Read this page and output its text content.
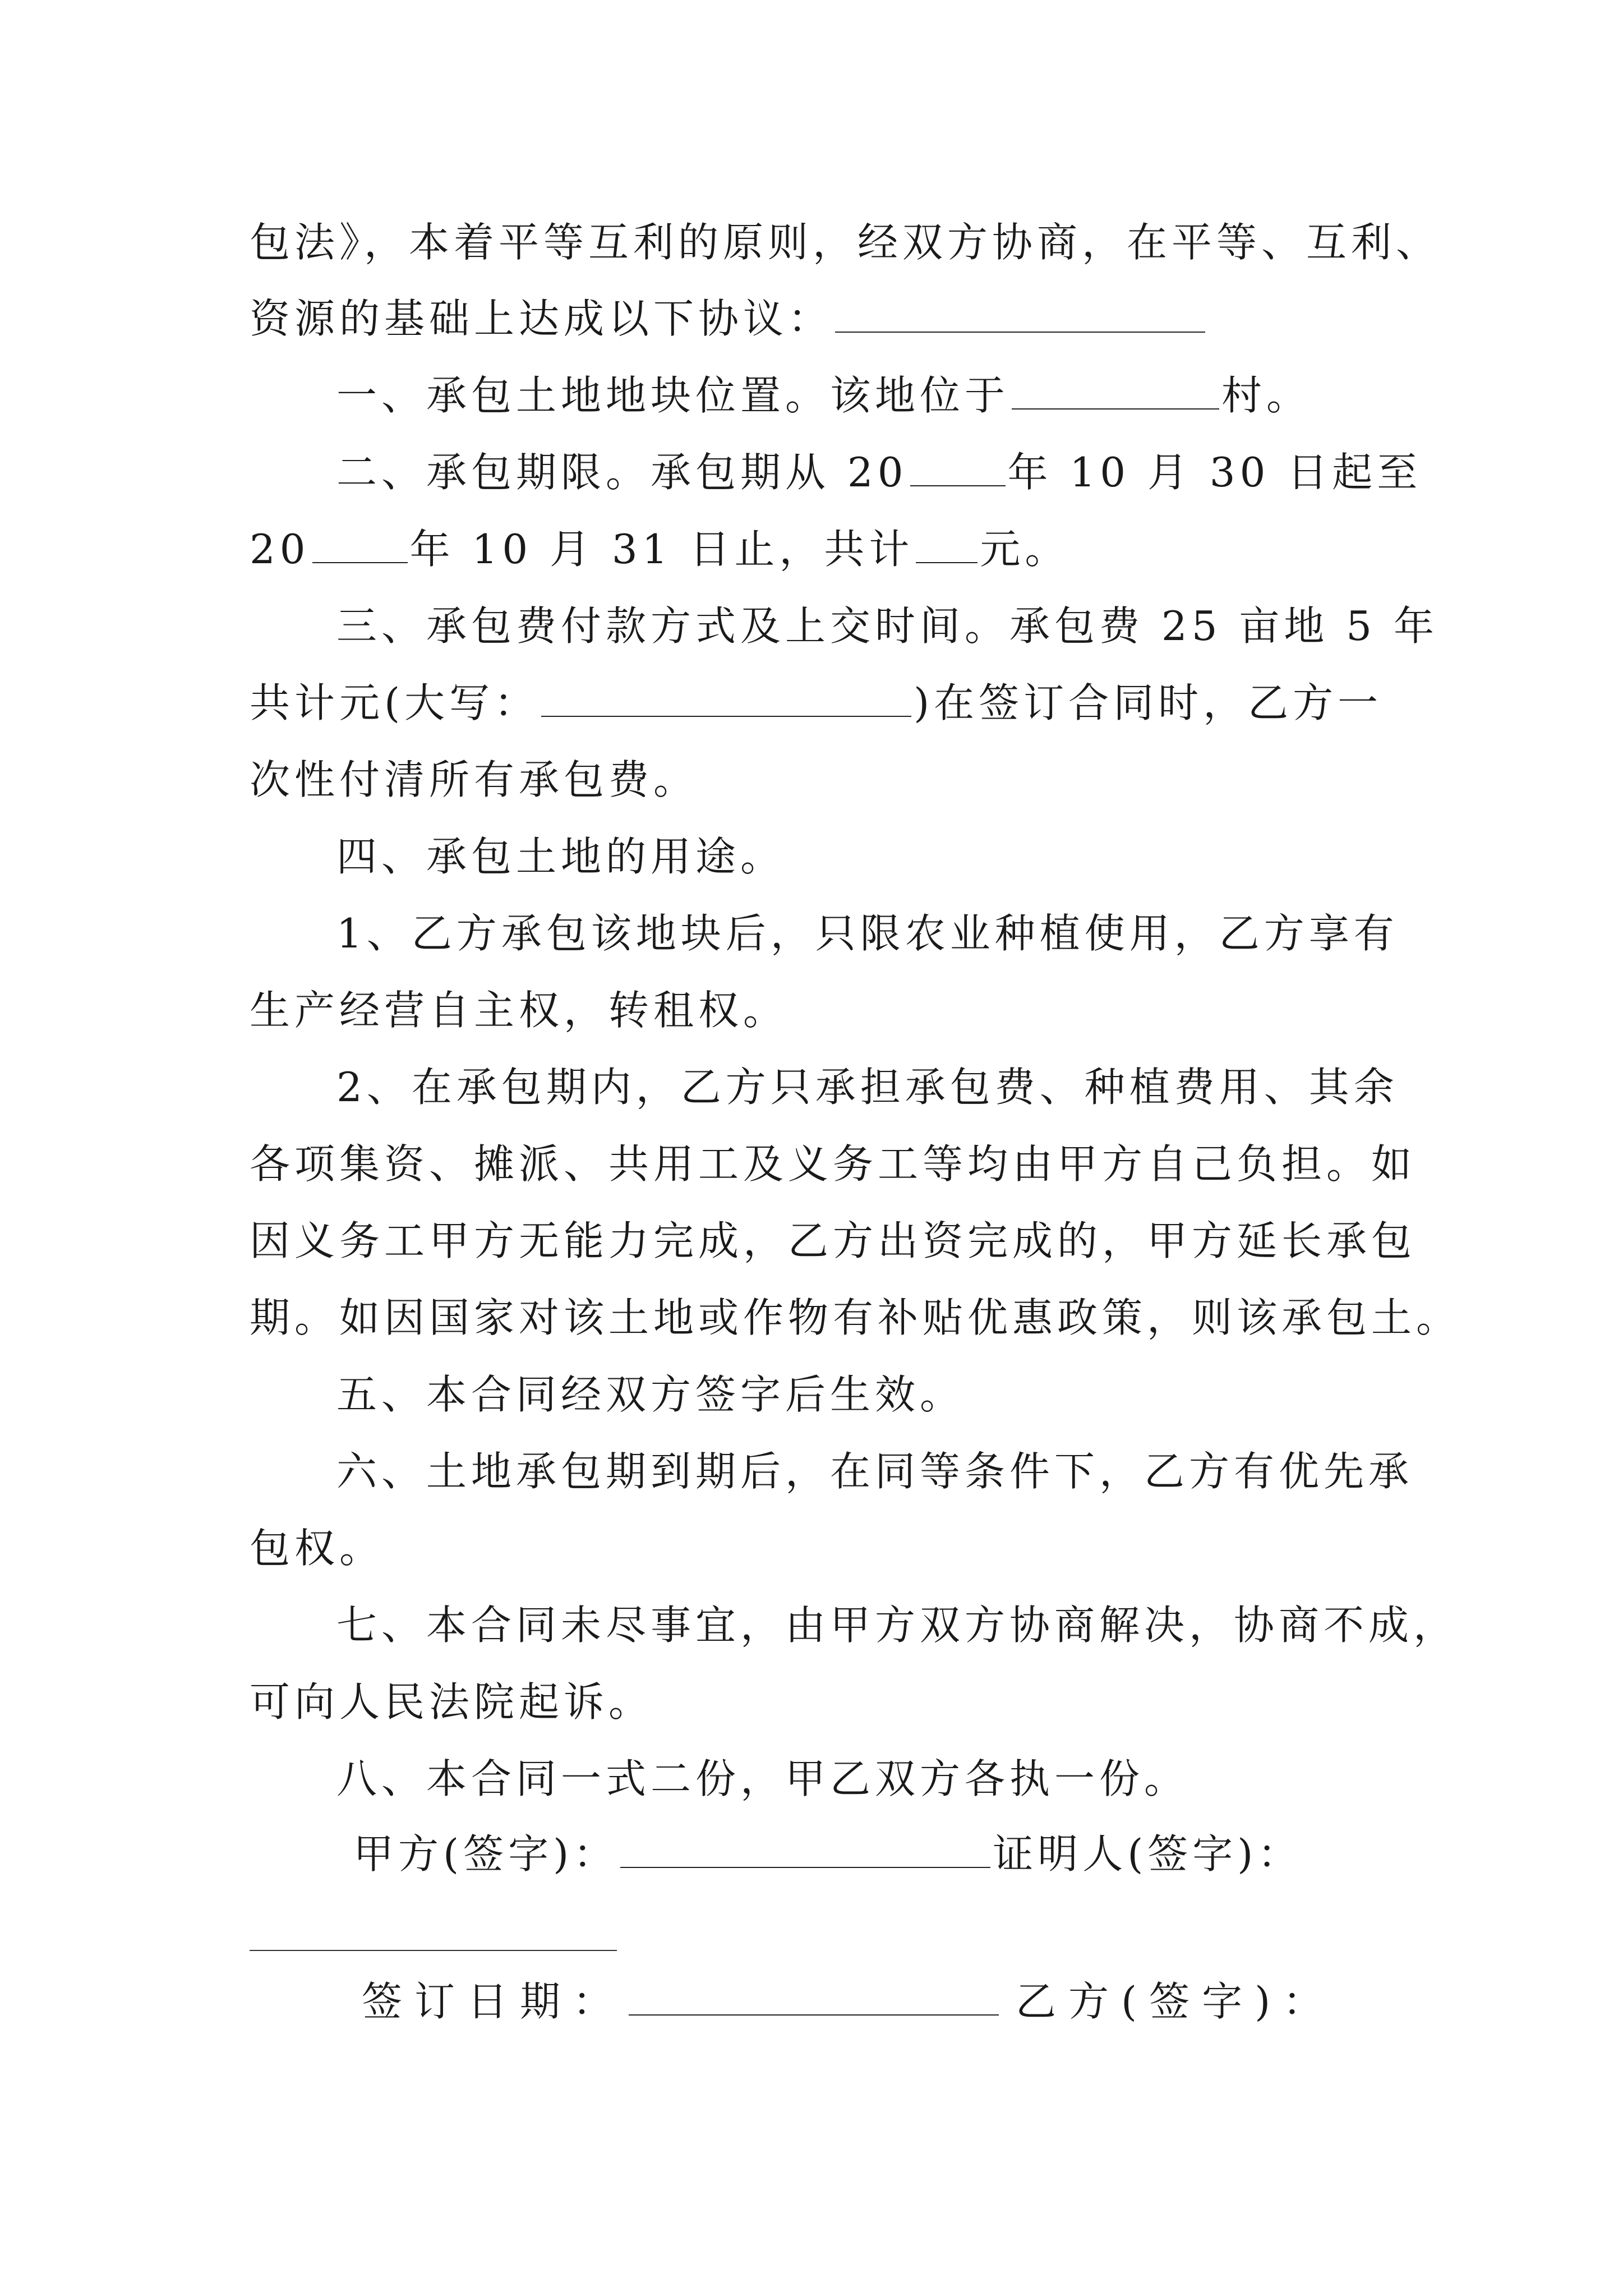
包法》，本着平等互利的原则，经双方协商，在平等、互利、
资源的基础上达成以下协议：
一、承包土地地块位置。该地位于	村。
二、承包期限。承包期从 20 年 10 月 30 日起至
20 年 10 月 31 日止，共计 元。
三、承包费付款方式及上交时间。承包费 25 亩地 5 年
共计元(大写：	)在签订合同时，乙方一
次性付清所有承包费。
四、承包土地的用途。
1、乙方承包该地块后，只限农业种植使用，乙方享有
生产经营自主权，转租权。
2、在承包期内，乙方只承担承包费、种植费用、其余
各项集资、摊派、共用工及义务工等均由甲方自己负担。如
因义务工甲方无能力完成，乙方出资完成的，甲方延长承包
期。如因国家对该土地或作物有补贴优惠政策，则该承包土。
五、本合同经双方签字后生效。
六、土地承包期到期后，在同等条件下，乙方有优先承
包权。
七、本合同未尽事宜，由甲方双方协商解决，协商不成，
可向人民法院起诉。
八、本合同一式二份，甲乙双方各执一份。
甲方(签字)：	证明人(签字)：
签订日期：	乙方(签字)：
